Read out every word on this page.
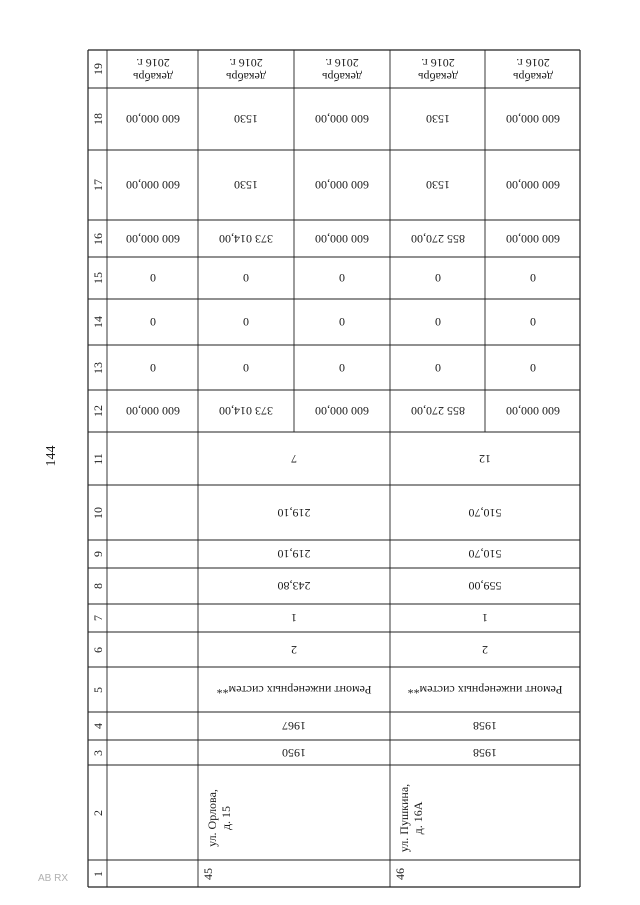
144
AB RX
19
18
17
16
15
14
13
12
11
10
9
8
7
6
5
4
3
2
1
декабрь
2016 г.
600 000,00
600 000,00
600 000,00
0
0
0
600 000,00
декабрь
2016 г.
1530
1530
373 014,00
0
0
0
373 014,00
7
219,10
219,10
243,80
1
2
Ремонт инженерных систем**
1967
1950
ул. Орлова,
д. 15
45
декабрь
2016 г.
600 000,00
600 000,00
600 000,00
0
0
0
600 000,00
декабрь
2016 г.
1530
1530
855 270,00
0
0
0
855 270,00
12
510,70
510,70
559,00
1
2
Ремонт инженерных систем**
1958
1958
ул. Пушкина,
д. 16А
46
декабрь
2016 г.
600 000,00
600 000,00
600 000,00
0
0
0
600 000,00
